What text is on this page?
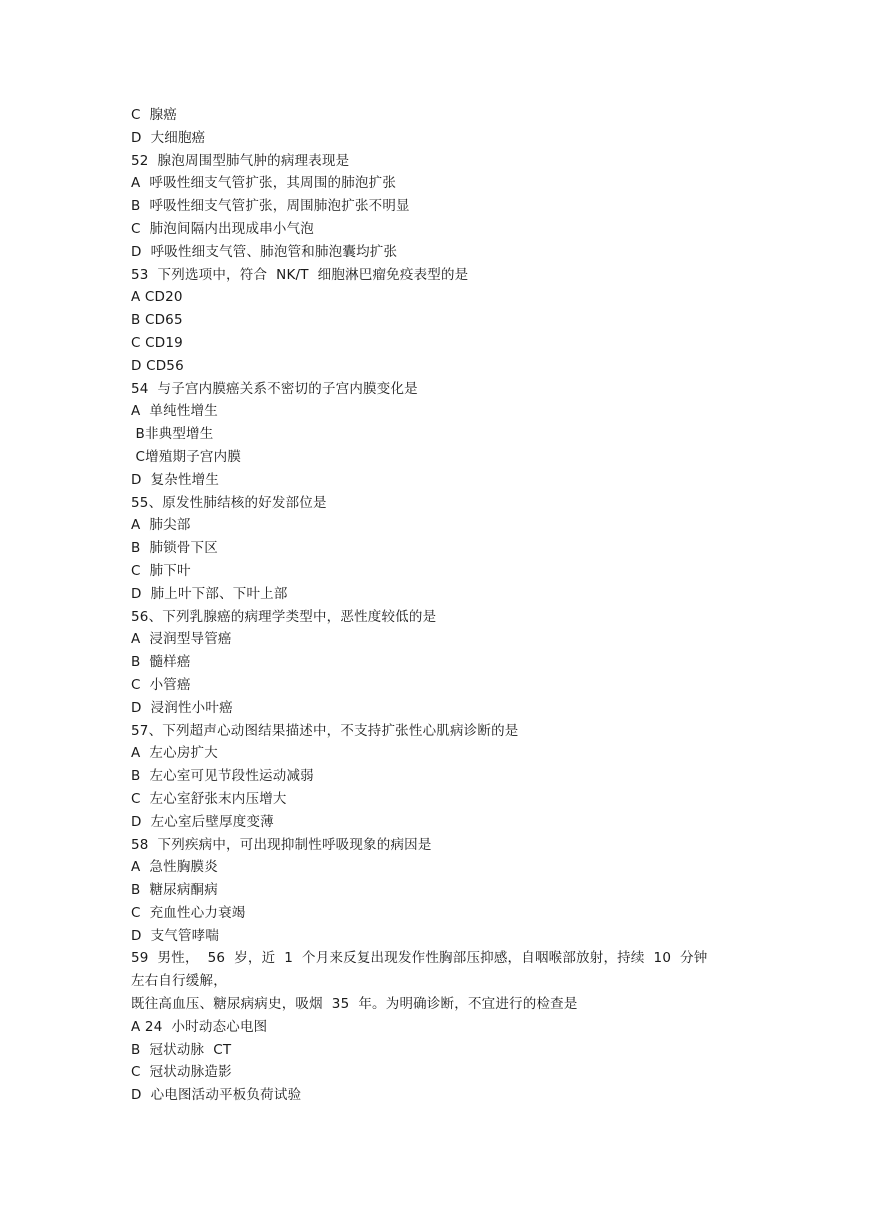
C  腺癌
D  大细胞癌
52  腺泡周围型肺气肿的病理表现是
A  呼吸性细支气管扩张，其周围的肺泡扩张
B  呼吸性细支气管扩张，周围肺泡扩张不明显
C  肺泡间隔内出现成串小气泡
D  呼吸性细支气管、肺泡管和肺泡囊均扩张
53  下列选项中，符合  NK/T  细胞淋巴瘤免疫表型的是
A CD20
B CD65
C CD19
D CD56
54  与子宫内膜癌关系不密切的子宫内膜变化是
A  单纯性增生
B非典型增生
C增殖期子宫内膜
D  复杂性增生
55、原发性肺结核的好发部位是
A  肺尖部
B  肺锁骨下区
C  肺下叶
D  肺上叶下部、下叶上部
56、下列乳腺癌的病理学类型中，恶性度较低的是
A  浸润型导管癌
B  髓样癌
C  小管癌
D  浸润性小叶癌
57、下列超声心动图结果描述中，不支持扩张性心肌病诊断的是
A  左心房扩大
B  左心室可见节段性运动减弱
C  左心室舒张末内压增大
D  左心室后壁厚度变薄
58  下列疾病中，可出现抑制性呼吸现象的病因是
A  急性胸膜炎
B  糖尿病酮病
C  充血性心力衰竭
D  支气管哮喘
59  男性，  56  岁，近  1  个月来反复出现发作性胸部压抑感，自咽喉部放射，持续  10  分钟
左右自行缓解，
既往高血压、糖尿病病史，吸烟  35  年。为明确诊断，不宜进行的检查是
A 24  小时动态心电图
B  冠状动脉  CT
C  冠状动脉造影
D  心电图活动平板负荷试验
